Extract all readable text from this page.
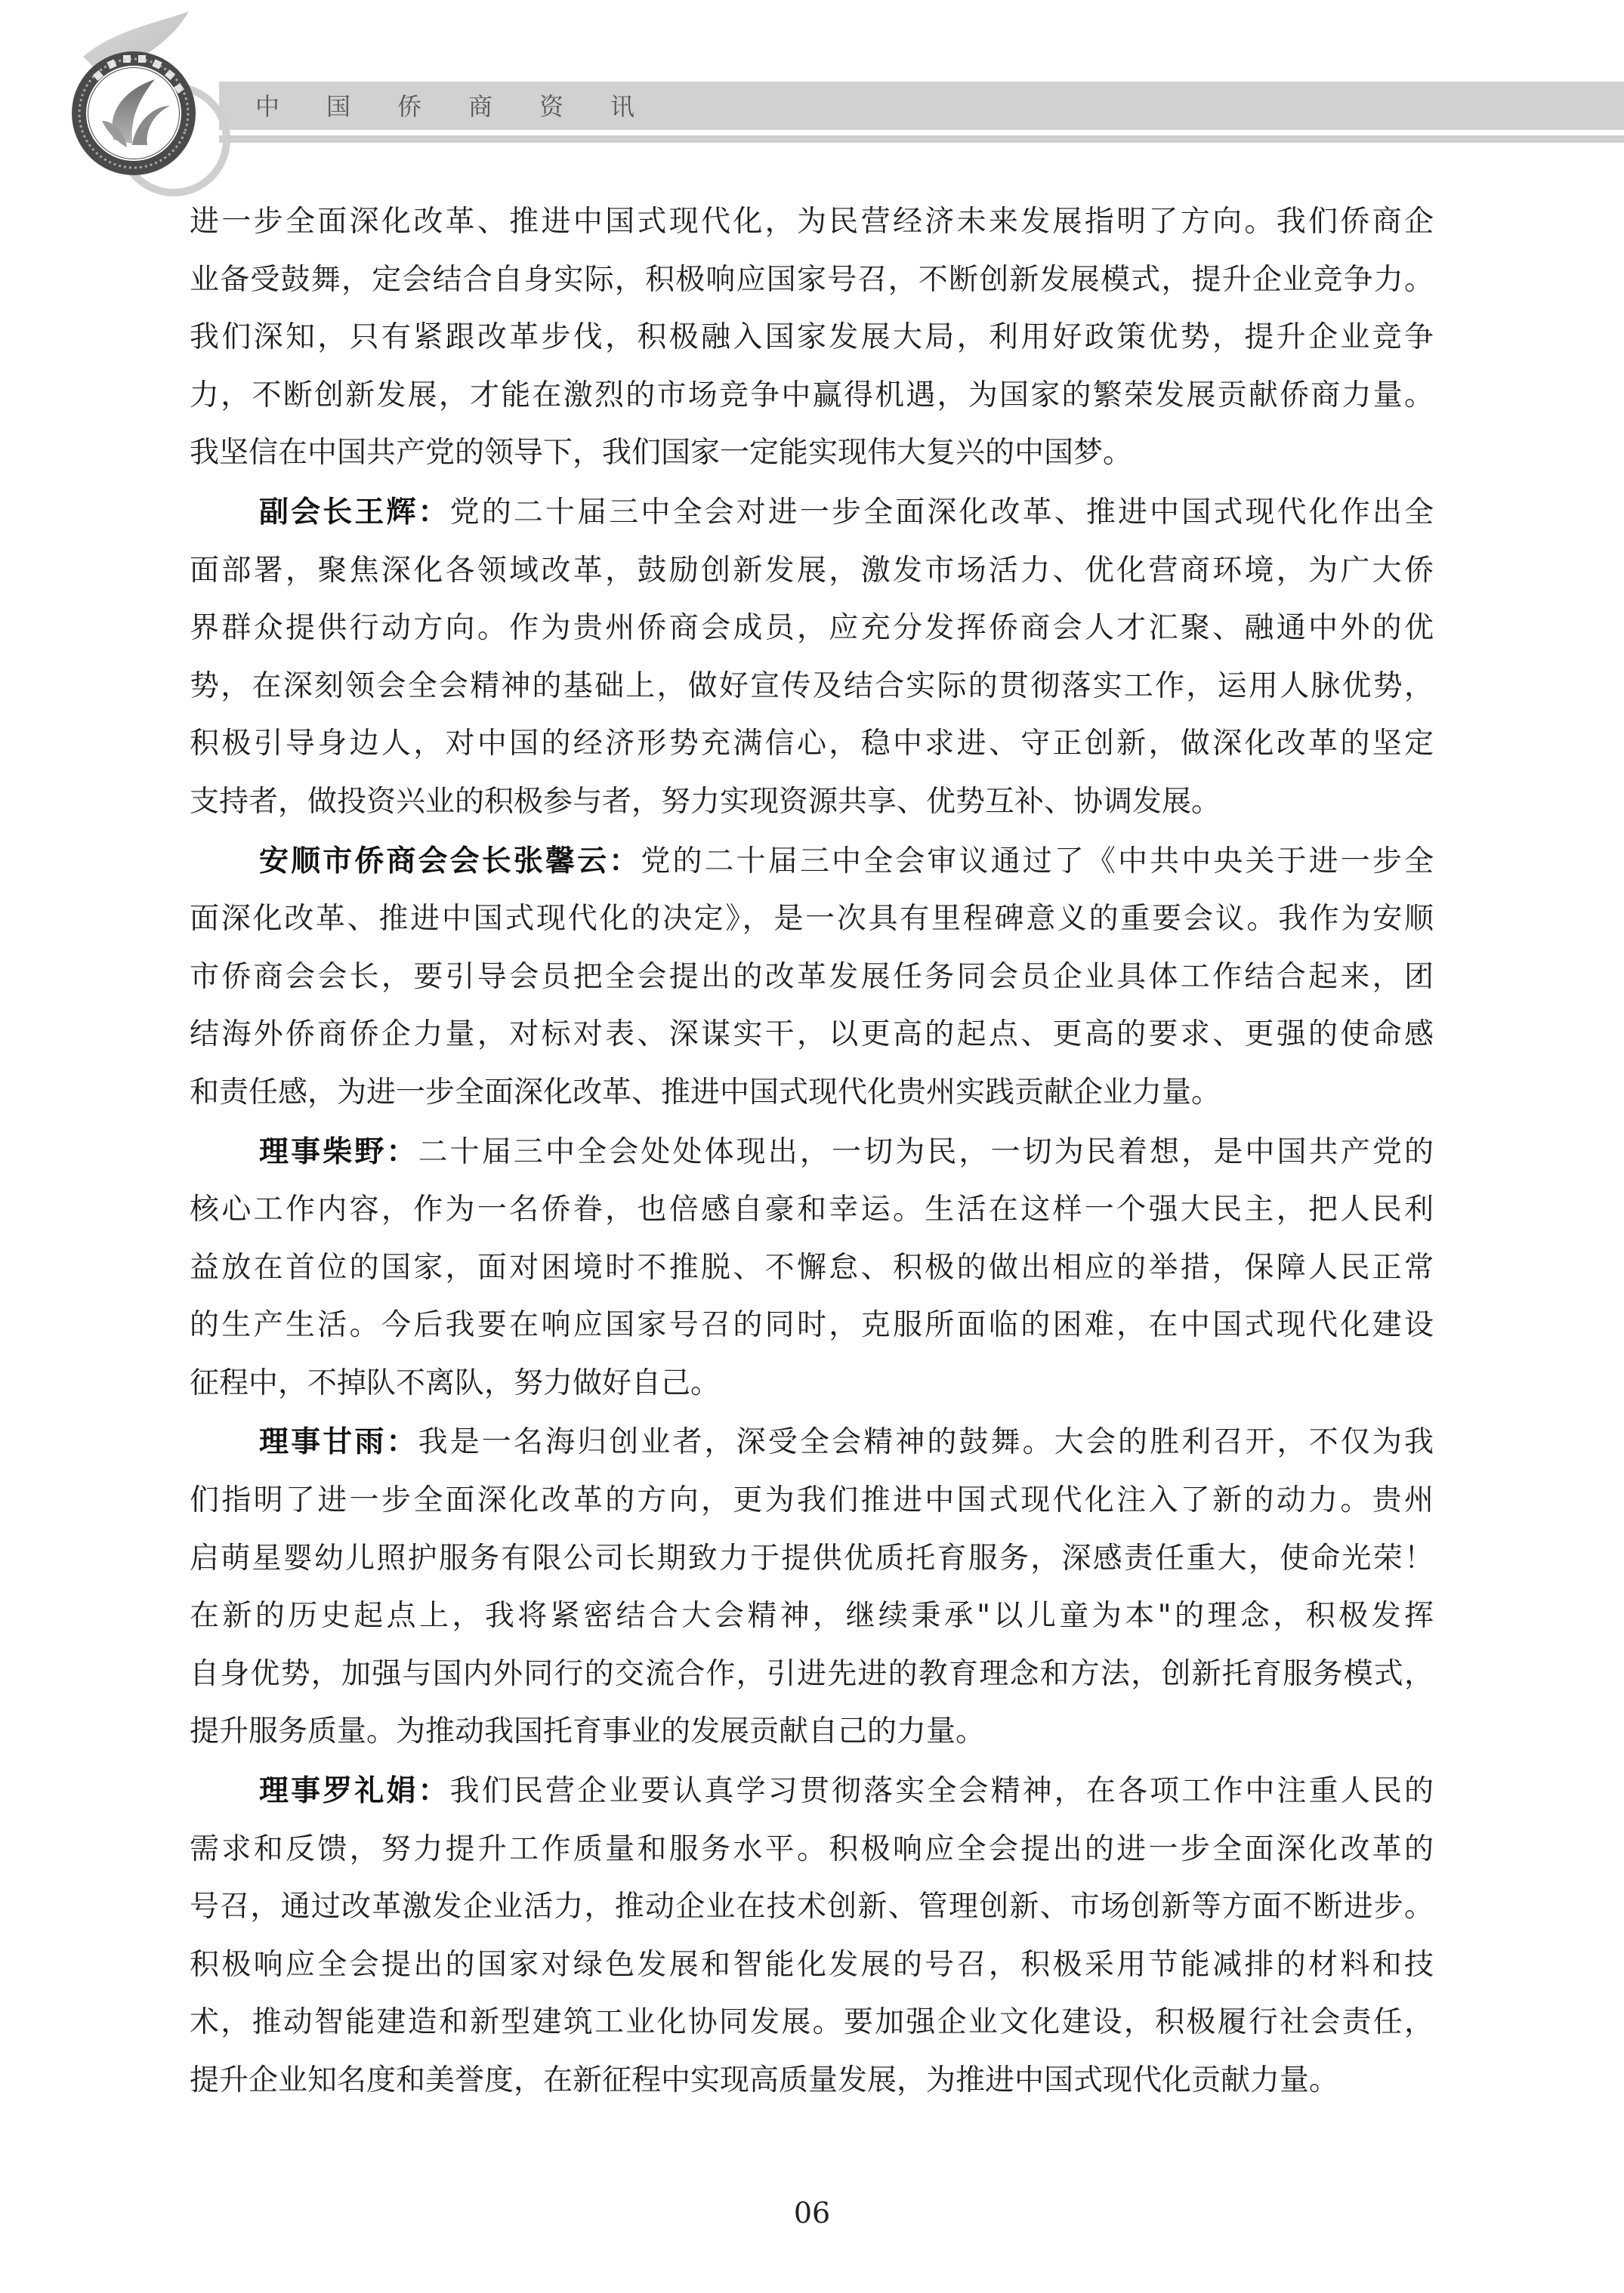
中国侨商资讯
进一步全面深化改革、推进中国式现代化，为民营经济未来发展指明了方向。我们侨商企
业备受鼓舞，定会结合自身实际，积极响应国家号召，不断创新发展模式，提升企业竞争力。
我们深知，只有紧跟改革步伐，积极融入国家发展大局，利用好政策优势，提升企业竞争
力，不断创新发展，才能在激烈的市场竞争中赢得机遇，为国家的繁荣发展贡献侨商力量。
我坚信在中国共产党的领导下，我们国家一定能实现伟大复兴的中国梦。
副会长王辉：党的二十届三中全会对进一步全面深化改革、推进中国式现代化作出全
面部署，聚焦深化各领域改革，鼓励创新发展，激发市场活力、优化营商环境，为广大侨
界群众提供行动方向。作为贵州侨商会成员，应充分发挥侨商会人才汇聚、融通中外的优
势，在深刻领会全会精神的基础上，做好宣传及结合实际的贯彻落实工作，运用人脉优势，
积极引导身边人，对中国的经济形势充满信心，稳中求进、守正创新，做深化改革的坚定
支持者，做投资兴业的积极参与者，努力实现资源共享、优势互补、协调发展。
安顺市侨商会会长张馨云：党的二十届三中全会审议通过了《中共中央关于进一步全
面深化改革、推进中国式现代化的决定》，是一次具有里程碑意义的重要会议。我作为安顺
市侨商会会长，要引导会员把全会提出的改革发展任务同会员企业具体工作结合起来，团
结海外侨商侨企力量，对标对表、深谋实干，以更高的起点、更高的要求、更强的使命感
和责任感，为进一步全面深化改革、推进中国式现代化贵州实践贡献企业力量。
理事柴野：二十届三中全会处处体现出，一切为民，一切为民着想，是中国共产党的
核心工作内容，作为一名侨眷，也倍感自豪和幸运。生活在这样一个强大民主，把人民利
益放在首位的国家，面对困境时不推脱、不懈怠、积极的做出相应的举措，保障人民正常
的生产生活。今后我要在响应国家号召的同时，克服所面临的困难，在中国式现代化建设
征程中，不掉队不离队，努力做好自己。
理事甘雨：我是一名海归创业者，深受全会精神的鼓舞。大会的胜利召开，不仅为我
们指明了进一步全面深化改革的方向，更为我们推进中国式现代化注入了新的动力。贵州
启萌星婴幼儿照护服务有限公司长期致力于提供优质托育服务，深感责任重大，使命光荣！
在新的历史起点上，我将紧密结合大会精神，继续秉承"以儿童为本"的理念，积极发挥
自身优势，加强与国内外同行的交流合作，引进先进的教育理念和方法，创新托育服务模式，
提升服务质量。为推动我国托育事业的发展贡献自己的力量。
理事罗礼娟：我们民营企业要认真学习贯彻落实全会精神，在各项工作中注重人民的
需求和反馈，努力提升工作质量和服务水平。积极响应全会提出的进一步全面深化改革的
号召，通过改革激发企业活力，推动企业在技术创新、管理创新、市场创新等方面不断进步。
积极响应全会提出的国家对绿色发展和智能化发展的号召，积极采用节能减排的材料和技
术，推动智能建造和新型建筑工业化协同发展。要加强企业文化建设，积极履行社会责任，
提升企业知名度和美誉度，在新征程中实现高质量发展，为推进中国式现代化贡献力量。
06
